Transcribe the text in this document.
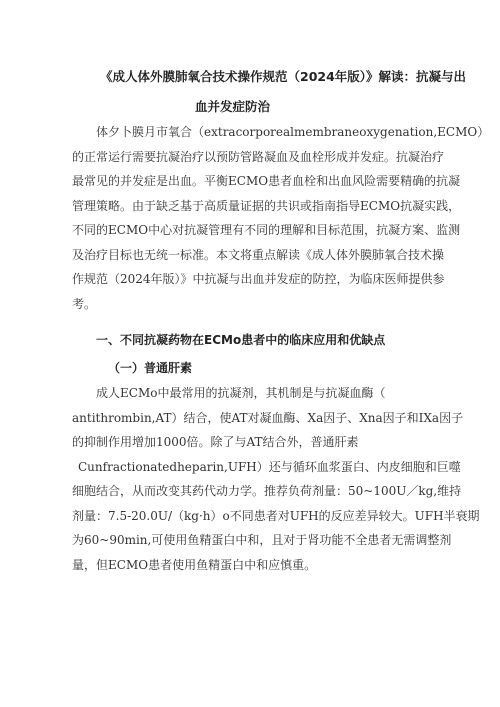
《成人体外膜肺氧合技术操作规范（2024年版）》解读：抗凝与出
血并发症防治
体夕卜膜月市氧合（extracorporealmembraneoxygenation,ECMO）
的正常运行需要抗凝治疗以预防管路凝血及血栓形成并发症。抗凝治疗
最常见的并发症是出血。平衡ECMO患者血栓和出血风险需要精确的抗凝
管理策略。由于缺乏基于高质量证据的共识或指南指导ECMO抗凝实践，
不同的ECMO中心对抗凝管理有不同的理解和目标范围，抗凝方案、监测
及治疗目标也无统一标准。本文将重点解读《成人体外膜肺氧合技术操
作规范（2024年版）》中抗凝与出血并发症的防控，为临床医师提供参
考。
一、不同抗凝药物在ECMo患者中的临床应用和优缺点
（一）普通肝素
成人ECMo中最常用的抗凝剂，其机制是与抗凝血酶（
antithrombin,AT）结合，使AT对凝血酶、Xa因子、Xna因子和IXa因子
的抑制作用增加1000倍。除了与AT结合外，普通肝素
Cunfractionatedheparin,UFH）还与循环血浆蛋白、内皮细胞和巨噬
细胞结合，从而改变其药代动力学。推荐负荷剂量：50~100U／kg,维持
剂量：7.5-20.0U/（kg·h）o不同患者对UFH的反应差异较大。UFH半衰期
为60~90min,可使用鱼精蛋白中和，且对于肾功能不全患者无需调整剂
量，但ECMO患者使用鱼精蛋白中和应慎重。
